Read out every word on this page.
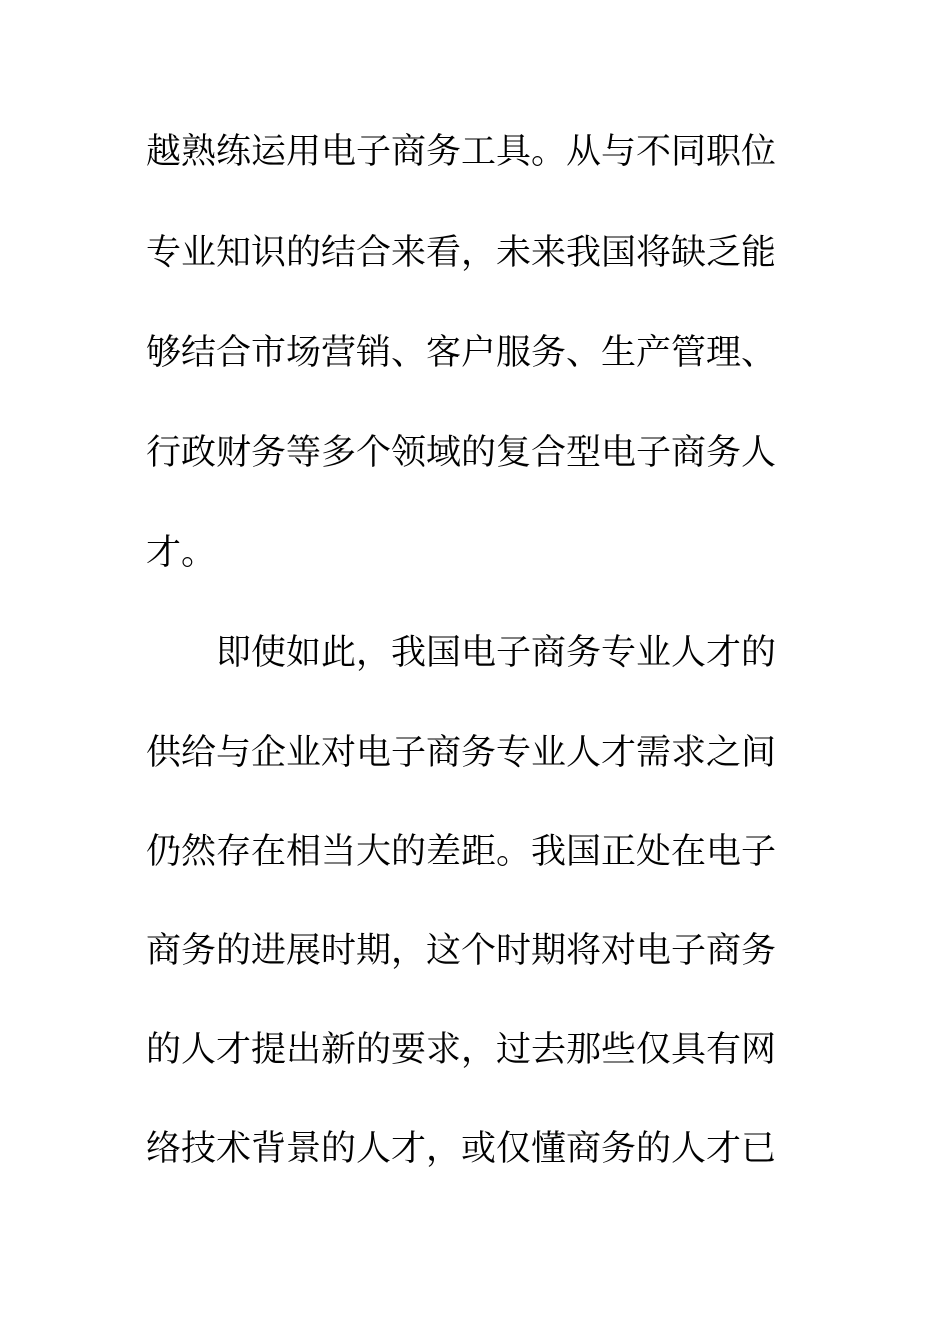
越熟练运用电子商务工具。从与不同职位
专业知识的结合来看，未来我国将缺乏能
够结合市场营销、客户服务、生产管理、
行政财务等多个领域的复合型电子商务人
才。
即使如此，我国电子商务专业人才的
供给与企业对电子商务专业人才需求之间
仍然存在相当大的差距。我国正处在电子
商务的进展时期，这个时期将对电子商务
的人才提出新的要求，过去那些仅具有网
络技术背景的人才，或仅懂商务的人才已
